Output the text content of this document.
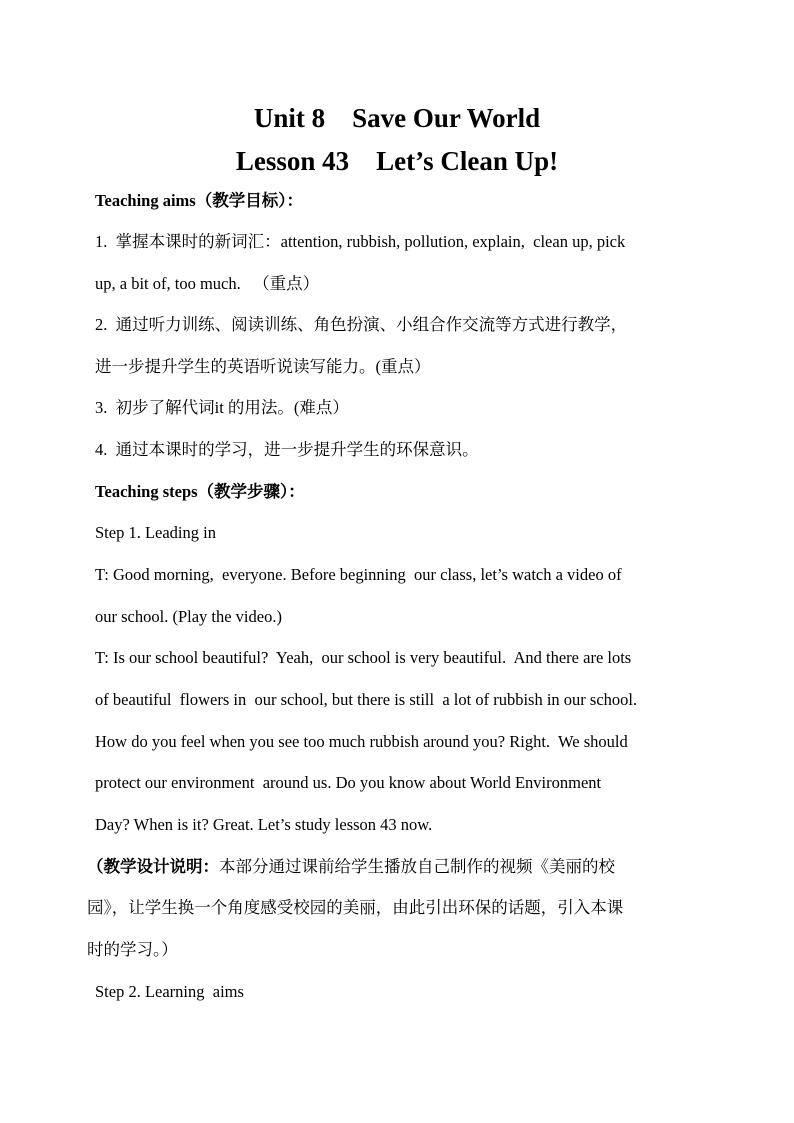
Unit 8    Save Our World
Lesson 43    Let’s Clean Up!
Teaching aims（教学目标）：
1.  掌握本课时的新词汇：attention, rubbish, pollution, explain,  clean up, pick
up, a bit of, too much.   （重点）
2.  通过听力训练、阅读训练、角色扮演、小组合作交流等方式进行教学，
进一步提升学生的英语听说读写能力。(重点）
3.  初步了解代词it 的用法。(难点）
4.  通过本课时的学习，进一步提升学生的环保意识。
Teaching steps（教学步骤）：
Step 1. Leading in
T: Good morning,  everyone. Before beginning  our class, let’s watch a video of
our school. (Play the video.)
T: Is our school beautiful?  Yeah,  our school is very beautiful.  And there are lots
of beautiful  flowers in  our school, but there is still  a lot of rubbish in our school.
How do you feel when you see too much rubbish around you? Right.  We should
protect our environment  around us. Do you know about World Environment
Day? When is it? Great. Let’s study lesson 43 now.
（教学设计说明：本部分通过课前给学生播放自己制作的视频《美丽的校
园》，让学生换一个角度感受校园的美丽，由此引出环保的话题，引入本课
时的学习。）
Step 2. Learning  aims
